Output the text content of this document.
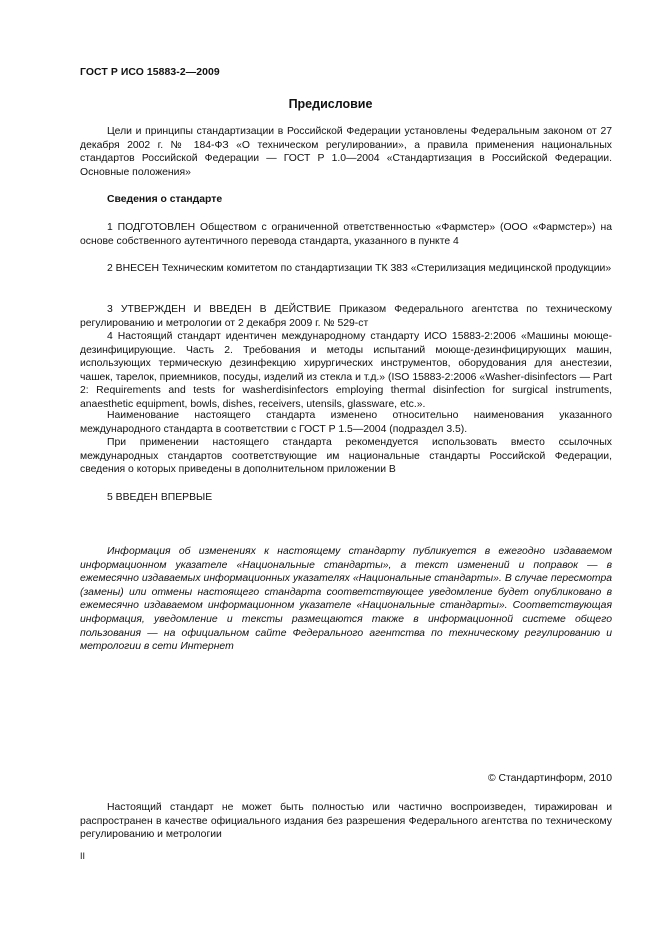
ГОСТ Р ИСО 15883-2—2009
Предисловие

Цели и принципы стандартизации в Российской Федерации установлены Федеральным законом от 27 декабря 2002 г. № 184-ФЗ «О техническом регулировании», а правила применения национальных стандартов Российской Федерации — ГОСТ Р 1.0—2004 «Стандартизация в Российской Федерации. Основные положения»

Сведения о стандарте

1 ПОДГОТОВЛЕН Обществом с ограниченной ответственностью «Фармстер» (ООО «Фармстер») на основе собственного аутентичного перевода стандарта, указанного в пункте 4

2 ВНЕСЕН Техническим комитетом по стандартизации ТК 383 «Стерилизация медицинской продукции»

3 УТВЕРЖДЕН И ВВЕДЕН В ДЕЙСТВИЕ Приказом Федерального агентства по техническому регулированию и метрологии от 2 декабря 2009 г. № 529-ст

4 Настоящий стандарт идентичен международному стандарту ИСО 15883-2:2006 «Машины моюще-дезинфицирующие. Часть 2. Требования и методы испытаний моюще-дезинфицирующих машин, использующих термическую дезинфекцию хирургических инструментов, оборудования для анестезии, чашек, тарелок, приемников, посуды, изделий из стекла и т.д.» (ISO 15883-2:2006 «Washer-disinfectors — Part 2: Requirements and tests for washerdisinfectors employing thermal disinfection for surgical instruments, anaesthetic equipment, bowls, dishes, receivers, utensils, glassware, etc.».

Наименование настоящего стандарта изменено относительно наименования указанного международного стандарта в соответствии с ГОСТ Р 1.5—2004 (подраздел 3.5).

При применении настоящего стандарта рекомендуется использовать вместо ссылочных международных стандартов соответствующие им национальные стандарты Российской Федерации, сведения о которых приведены в дополнительном приложении В

5 ВВЕДЕН ВПЕРВЫЕ

Информация об изменениях к настоящему стандарту публикуется в ежегодно издаваемом информационном указателе «Национальные стандарты», а текст изменений и поправок — в ежемесячно издаваемых информационных указателях «Национальные стандарты». В случае пересмотра (замены) или отмены настоящего стандарта соответствующее уведомление будет опубликовано в ежемесячно издаваемом информационном указателе «Национальные стандарты». Соответствующая информация, уведомление и тексты размещаются также в информационной системе общего пользования — на официальном сайте Федерального агентства по техническому регулированию и метрологии в сети Интернет

© Стандартинформ, 2010

Настоящий стандарт не может быть полностью или частично воспроизведен, тиражирован и распространен в качестве официального издания без разрешения Федерального агентства по техническому регулированию и метрологии

II
